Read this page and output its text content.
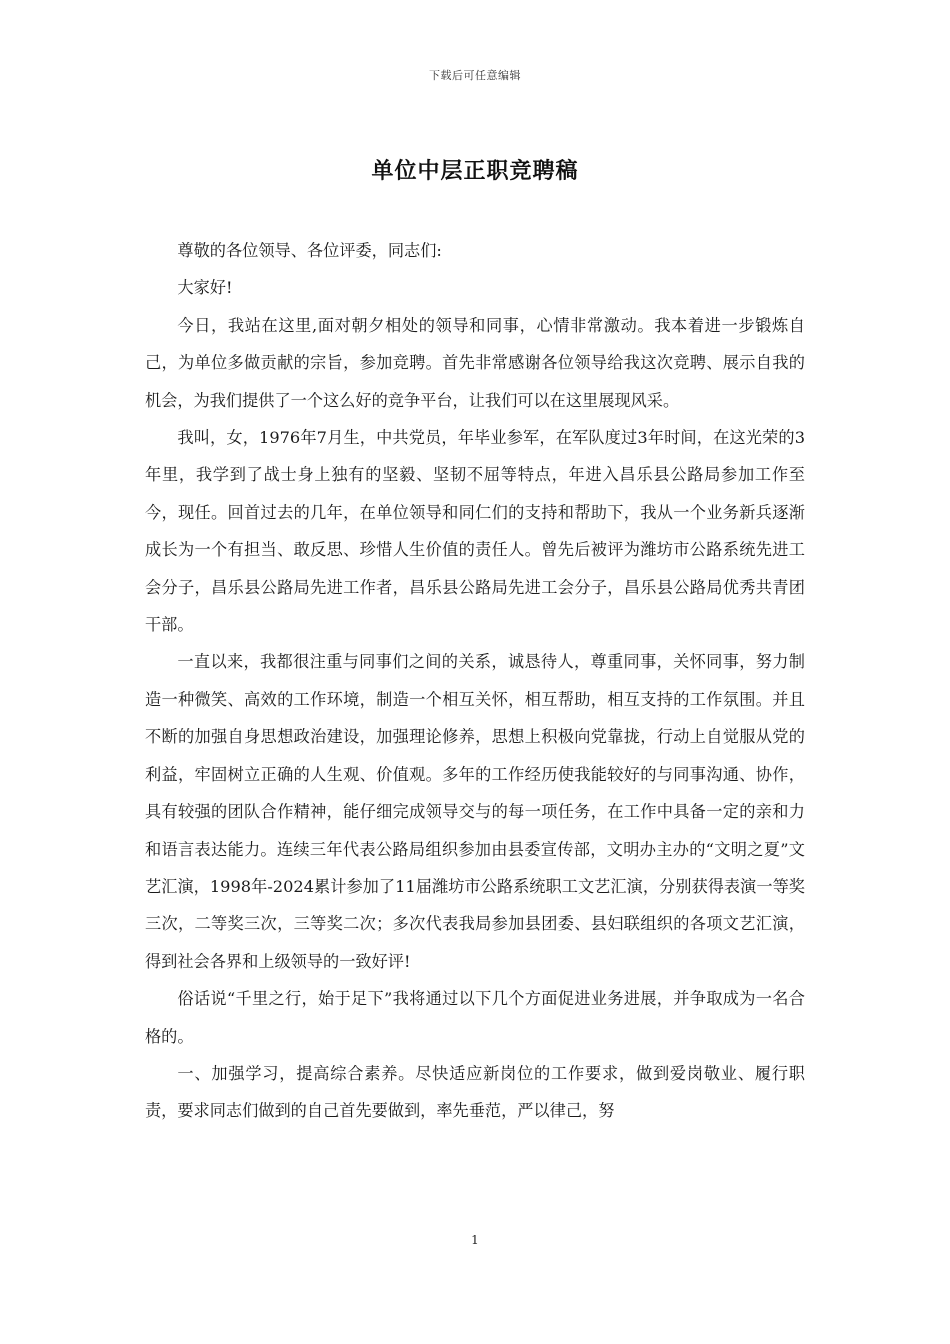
下载后可任意编辑
单位中层正职竞聘稿

尊敬的各位领导、各位评委，同志们:

大家好!

今日，我站在这里,面对朝夕相处的领导和同事，心情非常激动。我本着进一步锻炼自己，为单位多做贡献的宗旨，参加竞聘。首先非常感谢各位领导给我这次竞聘、展示自我的机会，为我们提供了一个这么好的竞争平台，让我们可以在这里展现风采。

我叫，女，1976年7月生，中共党员，年毕业参军，在军队度过3年时间，在这光荣的3年里，我学到了战士身上独有的坚毅、坚韧不屈等特点，年进入昌乐县公路局参加工作至今，现任。回首过去的几年，在单位领导和同仁们的支持和帮助下，我从一个业务新兵逐渐成长为一个有担当、敢反思、珍惜人生价值的责任人。曾先后被评为潍坊市公路系统先进工会分子，昌乐县公路局先进工作者，昌乐县公路局先进工会分子，昌乐县公路局优秀共青团干部。

一直以来，我都很注重与同事们之间的关系，诚恳待人，尊重同事，关怀同事，努力制造一种微笑、高效的工作环境，制造一个相互关怀，相互帮助，相互支持的工作氛围。并且不断的加强自身思想政治建设，加强理论修养，思想上积极向党靠拢，行动上自觉服从党的利益，牢固树立正确的人生观、价值观。多年的工作经历使我能较好的与同事沟通、协作，具有较强的团队合作精神，能仔细完成领导交与的每一项任务，在工作中具备一定的亲和力和语言表达能力。连续三年代表公路局组织参加由县委宣传部，文明办主办的“文明之夏”文艺汇演，1998年-2024累计参加了11届潍坊市公路系统职工文艺汇演，分别获得表演一等奖三次，二等奖三次，三等奖二次；多次代表我局参加县团委、县妇联组织的各项文艺汇演，得到社会各界和上级领导的一致好评!

俗话说“千里之行，始于足下”我将通过以下几个方面促进业务进展，并争取成为一名合格的。

一、加强学习，提高综合素养。尽快适应新岗位的工作要求，做到爱岗敬业、履行职责，要求同志们做到的自己首先要做到，率先垂范，严以律己，努

1
